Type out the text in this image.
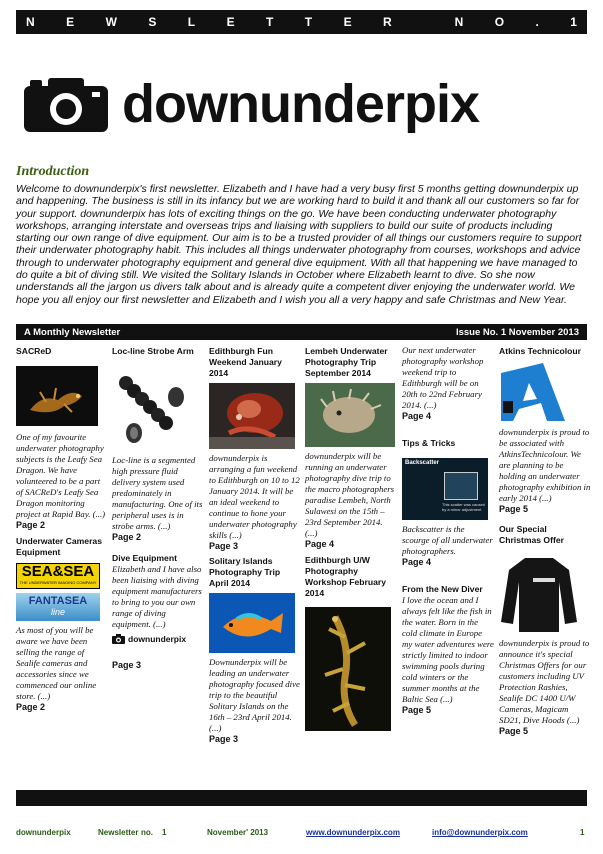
N	E	W	S	L	E	T	T	E	R	N	O	.	1
downunderpix
Introduction
Welcome to downunderpix's first newsletter. Elizabeth and I have had a very busy first 5 months getting downunderpix up and happening. The business is still in its infancy but we are working hard to build it and thank all our customers so far for your support. downunderpix has lots of exciting things on the go. We have been conducting underwater photography workshops, arranging interstate and overseas trips and liaising with suppliers to build our suite of products including starting our own range of dive equipment. Our aim is to be a trusted provider of all things our customers require to support their underwater photography habit. This includes all things underwater photography from courses, workshops and advice through to underwater photography equipment and general dive equipment. With all that happening we have managed to do quite a bit of diving still. We visited the Solitary Islands in October where Elizabeth learnt to dive. So she now understands all the jargon us divers talk about and is already quite a competent diver enjoying the underwater world. We hope you all enjoy our first newsletter and Elizabeth and I wish you all a very happy and safe Christmas and New Year.
A Monthly Newsletter	Issue No. 1 November 2013
SACReD
One of my favourite underwater photography subjects is the Leafy Sea Dragon. We have volunteered to be a part of SACReD's Leafy Sea Dragon monitoring project at Rapid Bay. (...)
Page 2
Underwater Cameras Equipment
SEA&SEA
THE UNDERWATER IMAGING COMPANY
FANTASEA
line
As most of you will be aware we have been selling the range of Sealife cameras and accessories since we commenced our online store. (...)
Page 2
Loc-line Strobe Arm
Loc-line is a segmented high pressure fluid delivery system used predominately in manufacturing. One of its peripheral uses is in strobe arms. (...)
Page 2
Dive Equipment
Elizabeth and I have also been liaising with diving equipment manufacturers to bring to you our own range of diving equipment. (...)
downunderpix
Page 3
Edithburgh Fun Weekend January 2014
downunderpix is arranging a fun weekend to Edithburgh on 10 to 12 January 2014. It will be an ideal weekend to continue to hone your underwater photography skills (...)
Page 3
Solitary Islands Photography Trip April 2014
Downunderpix will be leading an underwater photography focused dive trip to the beautiful Solitary Islands on the 16th – 23rd April 2014. (...)
Page 3
Lembeh Underwater Photography Trip September 2014
downunderpix will be running an underwater photography dive trip to the macro photographers paradise Lembeh, North Sulawesi on the 15th – 23rd September 2014. (...)
Page 4
Edithburgh U/W Photography Workshop February 2014
Our next underwater photography workshop weekend trip to Edithburgh will be on 20th to 22nd February 2014. (...)
Page 4
Tips & Tricks
Backscatter
This scatter was caused by a minor adjustment
Backscatter is the scourge of all underwater photographers.
Page 4
From the New Diver
I love the ocean and I always felt like the fish in the water. Born in the cold climate in Europe my water adventures were strictly limited to indoor swimming pools during cold winters or the summer months at the Baltic Sea (...)
Page 5
Atkins Technicolour
downunderpix is proud to be associated with AtkinsTechnicolour. We are planning to be holding an underwater photography exhibition in early 2014 (...)
Page 5
Our Special Christmas Offer
downunderpix is proud to announce it's special Christmas Offers for our customers including UV Protection Rashies, Sealife DC 1400 U/W Cameras, Magicam SD21, Dive Hoods (...)
Page 5
downunderpix	Newsletter no. 1	November' 2013	www.downunderpix.com	info@downunderpix.com	1
